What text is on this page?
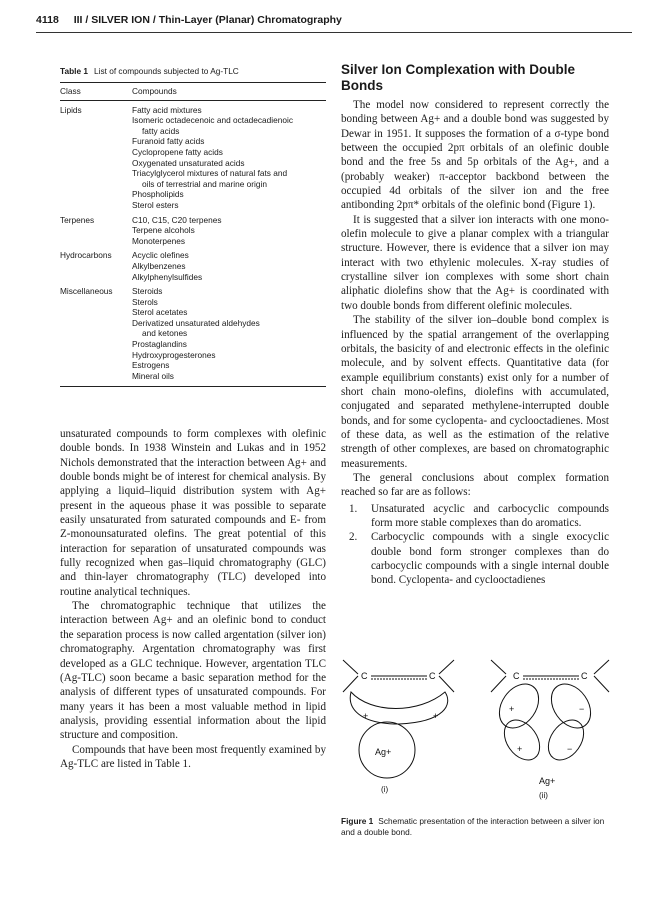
4118 III / SILVER ION / Thin-Layer (Planar) Chromatography
Table 1 List of compounds subjected to Ag-TLC
Class	Compounds
Lipids	Fatty acid mixtures
Isomeric octadecenoic and octadecadienoic
fatty acids
Furanoid fatty acids
Cyclopropene fatty acids
Oxygenated unsaturated acids
Triacylglycerol mixtures of natural fats and
oils of terrestrial and marine origin
Phospholipids
Sterol esters
Terpenes	C10, C15, C20 terpenes
Terpene alcohols
Monoterpenes
Hydrocarbons	Acyclic olefines
Alkylbenzenes
Alkylphenylsulfides
Miscellaneous	Steroids
Sterols
Sterol acetates
Derivatized unsaturated aldehydes
and ketones
Prostaglandins
Hydroxyprogesterones
Estrogens
Mineral oils

unsaturated compounds to form complexes with olefinic double bonds. In 1938 Winstein and Lukas and in 1952 Nichols demonstrated that the interaction between Ag+ and double bonds might be of interest for chemical analysis. By applying a liquid–liquid distribution system with Ag+ present in the aqueous phase it was possible to separate easily unsaturated from saturated compounds and E- from Z-monounsaturated olefins. The great potential of this interaction for separation of unsaturated compounds was fully recognized when gas–liquid chromatography (GLC) and thin-layer chromatography (TLC) developed into routine analytical techniques.

The chromatographic technique that utilizes the interaction between Ag+ and an olefinic bond to conduct the separation process is now called argentation (silver ion) chromatography. Argentation chromatography was first developed as a GLC technique. However, argentation TLC (Ag-TLC) soon became a basic separation method for the analysis of different types of unsaturated compounds. For many years it has been a most valuable method in lipid analysis, providing essential information about the lipid structure and composition.

Compounds that have been most frequently examined by Ag-TLC are listed in Table 1.

Silver Ion Complexation with Double Bonds

The model now considered to represent correctly the bonding between Ag+ and a double bond was suggested by Dewar in 1951. It supposes the formation of a σ-type bond between the occupied 2pπ orbitals of an olefinic double bond and the free 5s and 5p orbitals of the Ag+, and a (probably weaker) π-acceptor backbond between the occupied 4d orbitals of the silver ion and the free antibonding 2pπ* orbitals of the olefinic bond (Figure 1).

It is suggested that a silver ion interacts with one mono-olefin molecule to give a planar complex with a triangular structure. However, there is evidence that a silver ion may interact with two ethylenic molecules. X-ray studies of crystalline silver ion complexes with some short chain aliphatic diolefins show that the Ag+ is coordinated with two double bonds from different olefinic molecules.

The stability of the silver ion–double bond complex is influenced by the spatial arrangement of the overlapping orbitals, the basicity of and electronic effects in the olefinic molecule, and by solvent effects. Quantitative data (for example equilibrium constants) exist only for a number of short chain mono-olefins, diolefins with accumulated, conjugated and separated methylene-interrupted double bonds, and for some cyclopenta- and cyclooctadienes. Most of these data, as well as the estimation of the relative strength of other complexes, are based on chromatographic measurements.

The general conclusions about complex formation reached so far are as follows:

1.	Unsaturated acyclic and carbocyclic compounds form more stable complexes than do aromatics.
2.	Carbocyclic compounds with a single exocyclic double bond form stronger complexes than do carbocyclic compounds with a single internal double bond. Cyclopenta- and cyclooctadienes
C	C
+	+
Ag+
(i)
C	C
+	−
+	−
Ag+
(ii)
Figure 1 Schematic presentation of the interaction between a silver ion and a double bond.
